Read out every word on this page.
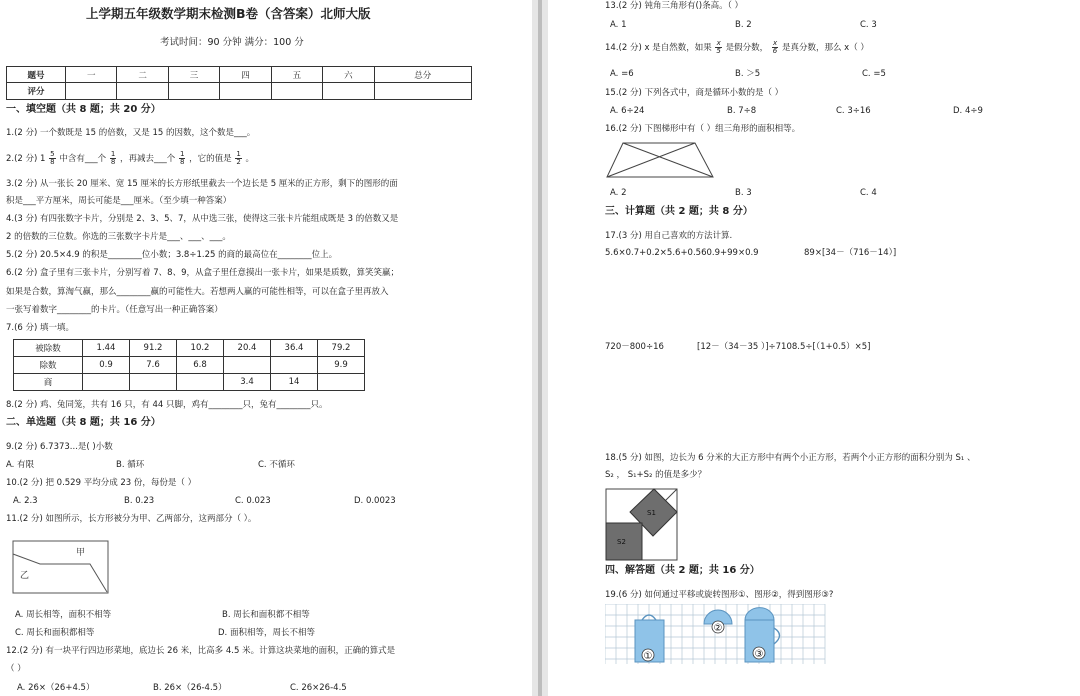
上学期五年级数学期末检测B卷（含答案）北师大版
考试时间：90 分钟 满分：100 分
题号	一	二	三	四	五	六	总分
评分							
一、填空题（共 8 题；共 20 分）
1.(2 分) 一个数既是 15 的倍数，又是 15 的因数，这个数是___。
2.(2 分) $1 \frac{5}{8}$ 中含有___个 $\frac{1}{8}$ ，再减去___个 $\frac{1}{8}$ ，它的值是 $\frac{1}{2}$ 。
3.(2 分) 从一张长 20 厘米、宽 15 厘米的长方形纸里截去一个边长是 5 厘米的正方形，剩下的图形的面
积是___平方厘米，周长可能是___厘米。（至少填一种答案）
4.(3 分) 有四张数字卡片，分别是 2、3、5、7，从中选三张，使得这三张卡片能组成既是 3 的倍数又是
2 的倍数的三位数。你选的三张数字卡片是___、___、___。
5.(2 分) 20.5×4.9 的积是________位小数；3.8÷1.25 的商的最高位在________位上。
6.(2 分) 盒子里有三张卡片，分别写着 7、8、9，从盒子里任意摸出一张卡片，如果是质数，算笑笑赢；
如果是合数，算淘气赢，那么________赢的可能性大。若想两人赢的可能性相等，可以在盒子里再放入
一张写着数字________的卡片。（任意写出一种正确答案）
7.(6 分) 填一填。
被除数	1.44	91.2	10.2	20.4	36.4	79.2
除数	0.9	7.6	6.8			9.9
商				3.4	14	
8.(2 分) 鸡、兔同笼，共有 16 只，有 44 只脚，鸡有________只，兔有________只。
二、单选题（共 8 题；共 16 分）
9.(2 分) 6.7373...是( )小数
A. 有限	B. 循环	C. 不循环
10.(2 分) 把 0.529 平均分成 23 份，每份是（ ）
A. 2.3	B. 0.23	C. 0.023	D. 0.0023
11.(2 分) 如图所示，长方形被分为甲、乙两部分，这两部分（ ）。
甲
乙
A. 周长相等，面积不相等	B. 周长和面积都不相等
C. 周长和面积都相等	D. 面积相等，周长不相等
12.(2 分) 有一块平行四边形菜地，底边长 26 米，比高多 4.5 米。计算这块菜地的面积，正确的算式是
（ ）
A. 26×（26+4.5）	B. 26×（26-4.5）	C. 26×26-4.5
13.(2 分) 钝角三角形有()条高。（ ）
A. 1	B. 2	C. 3
14.(2 分) x 是自然数，如果 $\frac{x}{5}$ 是假分数， $\frac{x}{6}$ 是真分数，那么 x（ ）
A. =6	B. ＞5	C. =5
15.(2 分) 下列各式中，商是循环小数的是（ ）
A. 6÷24	B. 7÷8	C. 3÷16	D. 4÷9
16.(2 分) 下图梯形中有（ ）组三角形的面积相等。
A. 2	B. 3	C. 4
三、计算题（共 2 题；共 8 分）
17.(3 分) 用自己喜欢的方法计算.
5.6×0.7+0.2×5.6+0.560.9+99×0.9	89×[34－（716－14）]
720－800÷16	[12－（34－35 ）]÷7108.5÷[（1+0.5）×5]
18.(5 分) 如图，边长为 6 分米的大正方形中有两个小正方形，若两个小正方形的面积分别为 S₁ 、
S₂ ， S₁+S₂ 的值是多少？
S1
S2
四、解答题（共 2 题；共 16 分）
19.(6 分) 如何通过平移或旋转图形①、图形②，得到图形③?
①
②
③
